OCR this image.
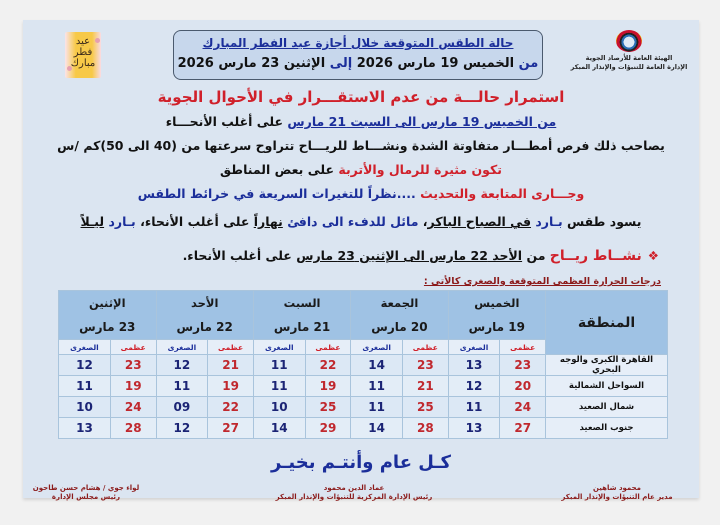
عيد فطر مبارك	الهيئة العامة للأرصاد الجوية
الإدارة العامة للتنبؤات والإنذار المبكر
حالة الطقس المتوقعة خلال أجازة عيد الفطر المبارك
من الخميس 19 مارس 2026 إلى الإثنين 23 مارس 2026
استمرار حالـــة من عدم الاستقـــرار في الأحوال الجوية
من الخميس 19 مارس الى السبت 21 مارس على أغلب الأنحـــاء
يصاحب ذلك فرص أمطـــار متفاوتة الشدة ونشـــاط للريـــاح تتراوح سرعتها من (40 الى 50)كم /س
تكون مثيرة للرمال والأتربة على بعض المناطق
وجـــارى المتابعة والتحديث ....نظراً للتغيرات السريعة في خرائط الطقس
يسود طقس بـارد في الصباح الباكر، مائل للدفء الى دافئ نهاراً على أغلب الأنحاء، بـارد ليـلاً
❖نشــاط ريــاح من الأحد 22 مارس الى الإثنين 23 مارس على أغلب الأنحاء.
درجات الحرارة العظمى المتوقعة والصغرى كالأتى :
المنطقة	الخميس		الجمعة		السبت		الأحد		الإثنين	
	19 مارس		20 مارس		21 مارس		22 مارس		23 مارس	
	عظمى	الصغرى	عظمى	الصغرى	عظمى	الصغرى	عظمى	الصغرى	عظمى	الصغرى
القاهرة الكبرى والوجه البحري	23	13	23	14	22	11	21	12	23	12
السواحل الشمالية	20	12	21	11	19	11	19	11	19	11
شمال الصعيد	24	11	25	11	25	10	22	09	24	10
جنوب الصعيد	27	13	28	14	29	14	27	12	28	13
كـل عام وأنتـم بخيـر
محمود شاهين
مدير عام التنبؤات والإنذار المبكر
عماد الدين محمود
رئيس الإدارة المركزية للتنبؤات والإنذار المبكر
لواء جوي / هشام حسن طاحون
رئيس مجلس الإدارة
